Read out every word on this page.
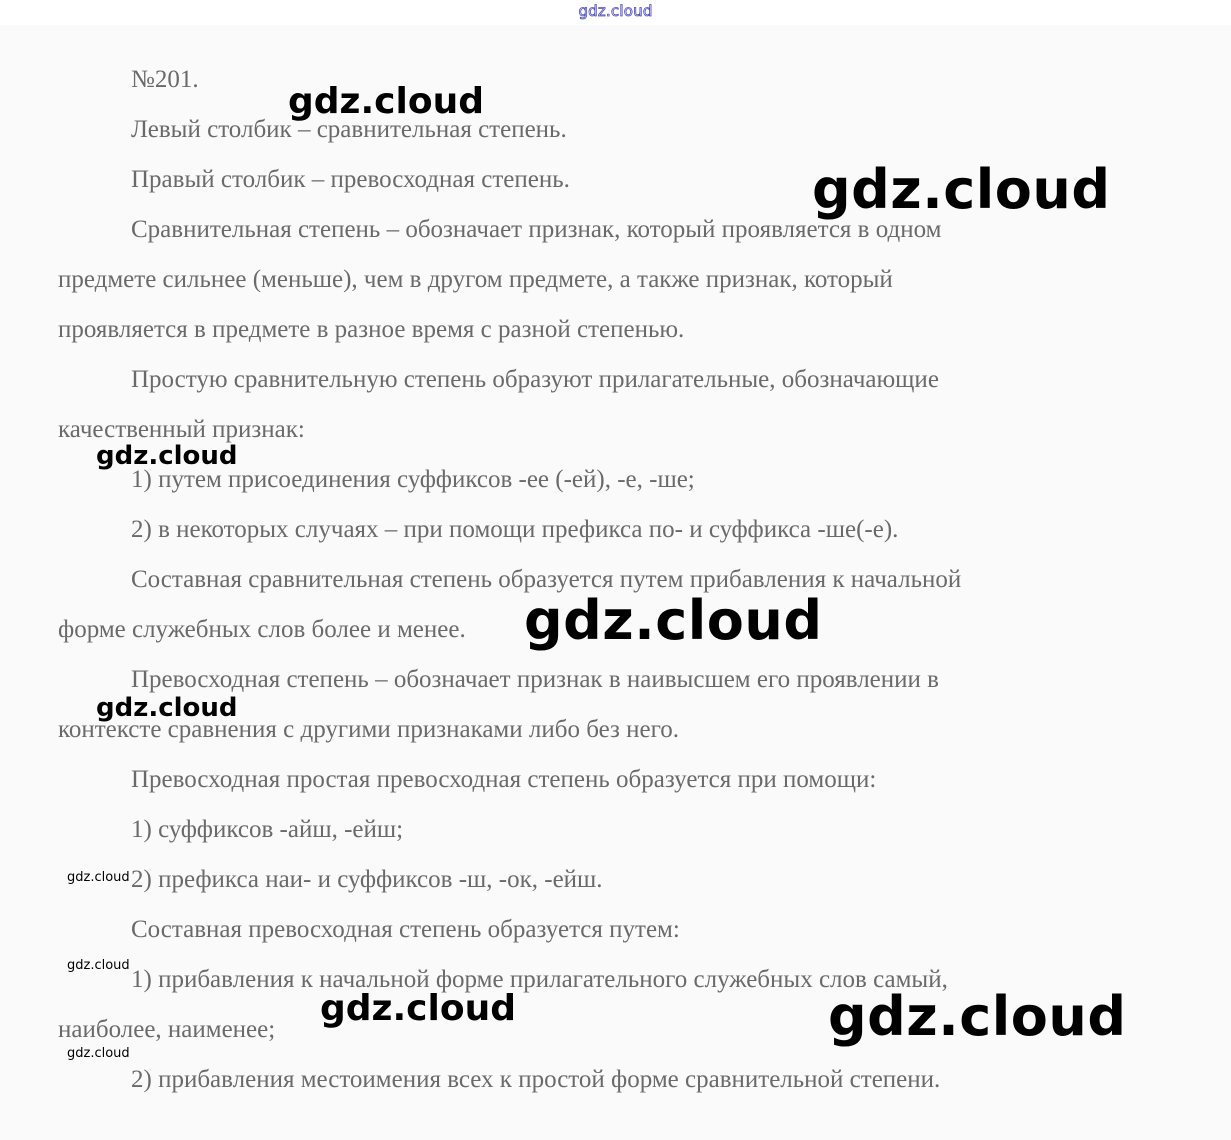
gdz.cloud
№201.
Левый столбик – сравнительная степень.
Правый столбик – превосходная степень.
Сравнительная степень – обозначает признак, который проявляется в одном
предмете сильнее (меньше), чем в другом предмете, а также признак, который
проявляется в предмете в разное время с разной степенью.
Простую сравнительную степень образуют прилагательные, обозначающие
качественный признак:
1) путем присоединения суффиксов -ее (-ей), -е, -ше;
2) в некоторых случаях – при помощи префикса по- и суффикса -ше(-е).
Составная сравнительная степень образуется путем прибавления к начальной
форме служебных слов более и менее.
Превосходная степень – обозначает признак в наивысшем его проявлении в
контексте сравнения с другими признаками либо без него.
Превосходная простая превосходная степень образуется при помощи:
1) суффиксов -айш, -ейш;
2) префикса наи- и суффиксов -ш, -ок, -ейш.
Составная превосходная степень образуется путем:
1) прибавления к начальной форме прилагательного служебных слов самый,
наиболее, наименее;
2) прибавления местоимения всех к простой форме сравнительной степени.
gdz.cloud
gdz.cloud
gdz.cloud
gdz.cloud
gdz.cloud
gdz.cloud
gdz.cloud
gdz.cloud	gdz.cloud
gdz.cloud
